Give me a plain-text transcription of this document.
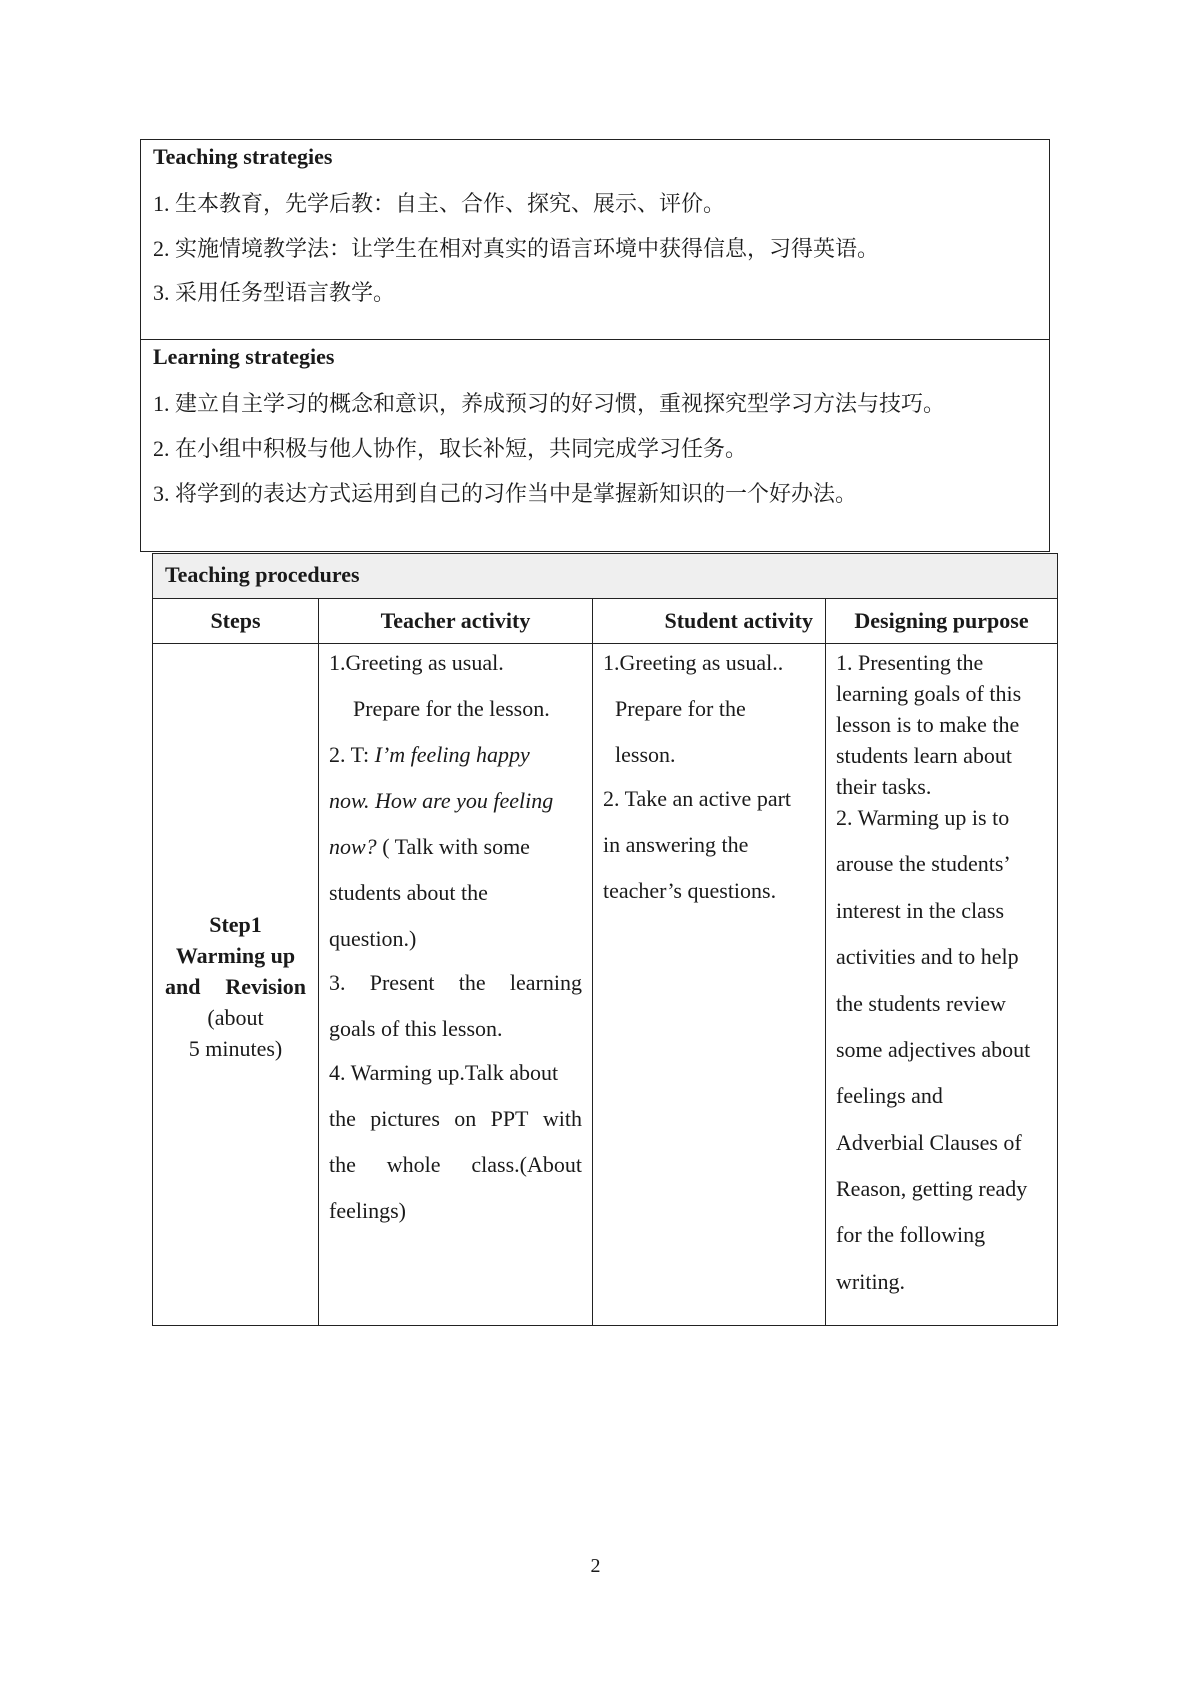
Teaching strategies
1. 生本教育，先学后教：自主、合作、探究、展示、评价。
2. 实施情境教学法：让学生在相对真实的语言环境中获得信息，习得英语。
3. 采用任务型语言教学。
Learning strategies
1. 建立自主学习的概念和意识，养成预习的好习惯，重视探究型学习方法与技巧。
2. 在小组中积极与他人协作，取长补短，共同完成学习任务。
3. 将学到的表达方式运用到自己的习作当中是掌握新知识的一个好办法。
Teaching procedures
Steps	Teacher activity	Student activity Designing purpose
Step1
Warming up
and Revision
(about
5 minutes)
1.Greeting as usual.
Prepare for the lesson.
2. T: I’m feeling happy
now. How are you feeling
now? ( Talk with some
students about the
question.)
3. Present the learning
goals of this lesson.
4. Warming up.Talk about
the pictures on PPT with
the whole class.(About
feelings)
1.Greeting as usual..
Prepare for the
lesson.
2. Take an active part
in answering the
teacher’s questions.
1. Presenting the
learning goals of this
lesson is to make the
students learn about
their tasks.
2. Warming up is to
arouse the students’
interest in the class
activities and to help
the students review
some adjectives about
feelings and
Adverbial Clauses of
Reason, getting ready
for the following
writing.
2
